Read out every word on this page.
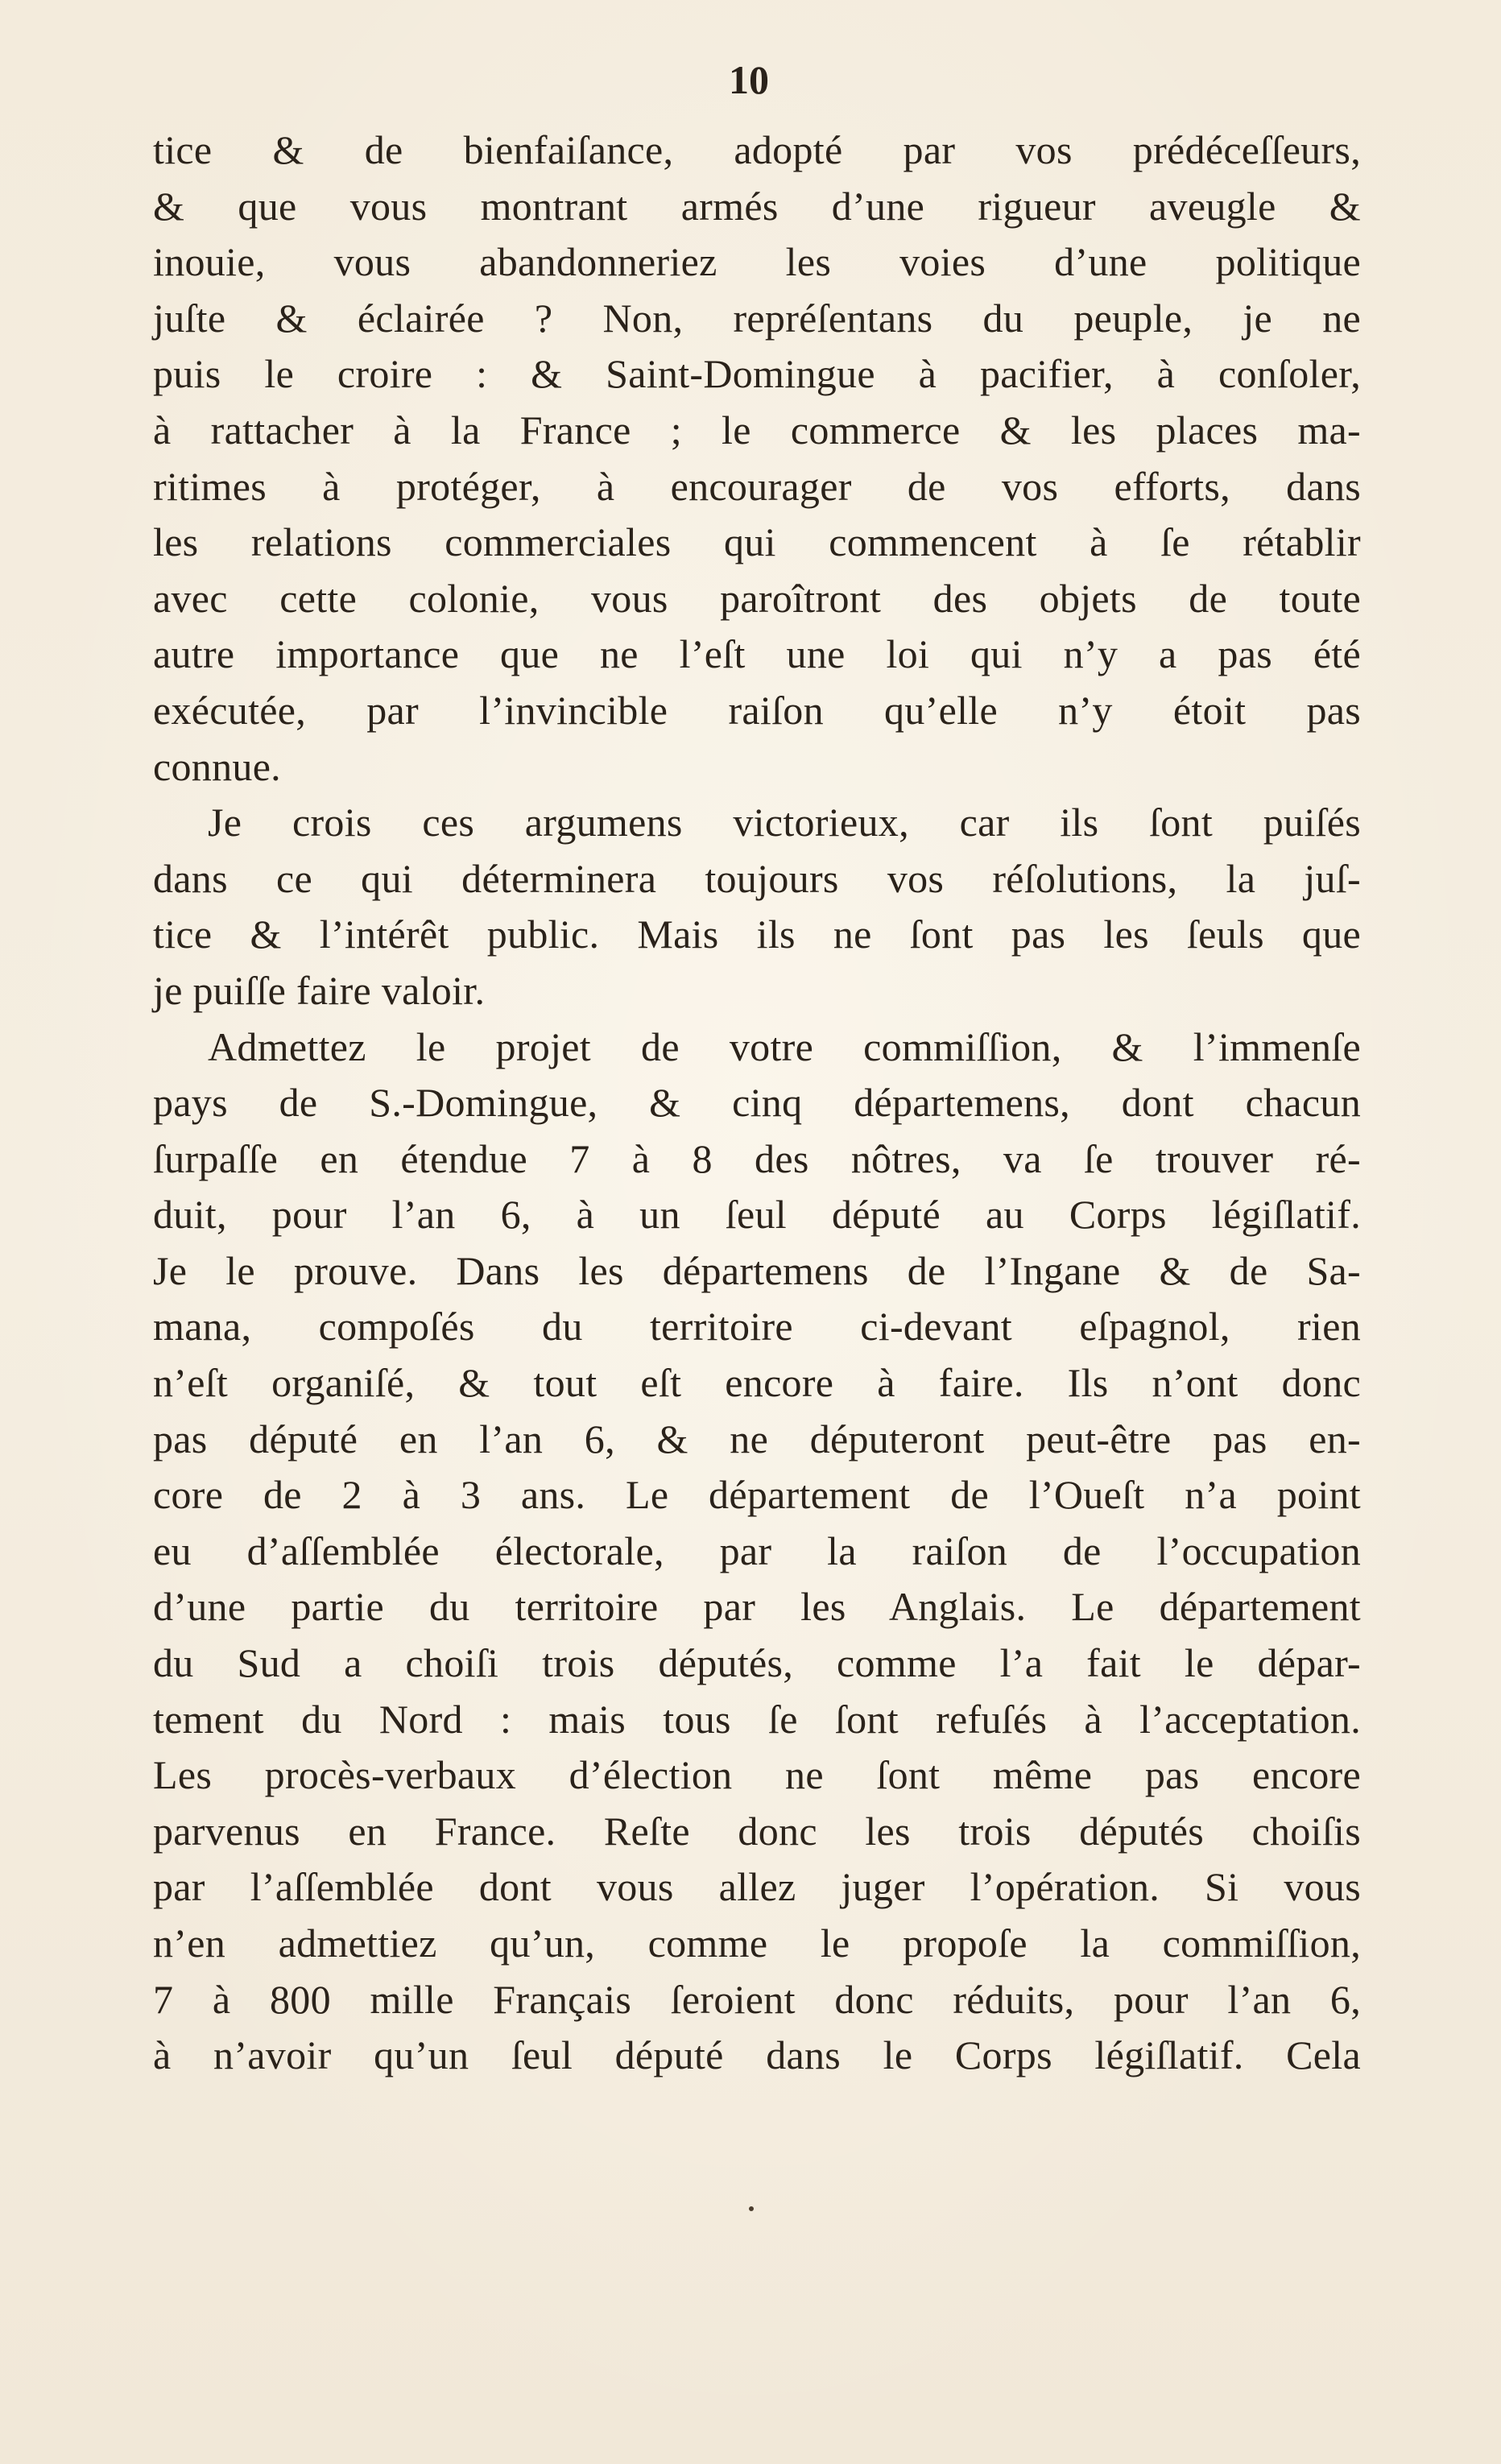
10
tice & de bienfaiſance, adopté par vos prédéceſſeurs,
& que vous montrant armés d’une rigueur aveugle &
inouie, vous abandonneriez les voies d’une politique
juſte & éclairée ? Non, repréſentans du peuple, je ne
puis le croire : & Saint-Domingue à pacifier, à conſoler,
à rattacher à la France ; le commerce & les places ma-
ritimes à protéger, à encourager de vos efforts, dans
les relations commerciales qui commencent à ſe rétablir
avec cette colonie, vous paroîtront des objets de toute
autre importance que ne l’eſt une loi qui n’y a pas été
exécutée, par l’invincible raiſon qu’elle n’y étoit pas
connue.
Je crois ces argumens victorieux, car ils ſont puiſés
dans ce qui déterminera toujours vos réſolutions, la juſ-
tice & l’intérêt public. Mais ils ne ſont pas les ſeuls que
je puiſſe faire valoir.
Admettez le projet de votre commiſſion, & l’immenſe
pays de S.-Domingue, & cinq départemens, dont chacun
ſurpaſſe en étendue 7 à 8 des nôtres, va ſe trouver ré-
duit, pour l’an 6, à un ſeul député au Corps légiſlatif.
Je le prouve. Dans les départemens de l’Ingane & de Sa-
mana, compoſés du territoire ci-devant eſpagnol, rien
n’eſt organiſé, & tout eſt encore à faire. Ils n’ont donc
pas député en l’an 6, & ne députeront peut-être pas en-
core de 2 à 3 ans. Le département de l’Oueſt n’a point
eu d’aſſemblée électorale, par la raiſon de l’occupation
d’une partie du territoire par les Anglais. Le département
du Sud a choiſi trois députés, comme l’a fait le dépar-
tement du Nord : mais tous ſe ſont refuſés à l’acceptation.
Les procès-verbaux d’élection ne ſont même pas encore
parvenus en France. Reſte donc les trois députés choiſis
par l’aſſemblée dont vous allez juger l’opération. Si vous
n’en admettiez qu’un, comme le propoſe la commiſſion,
7 à 800 mille Français ſeroient donc réduits, pour l’an 6,
à n’avoir qu’un ſeul député dans le Corps légiſlatif. Cela
